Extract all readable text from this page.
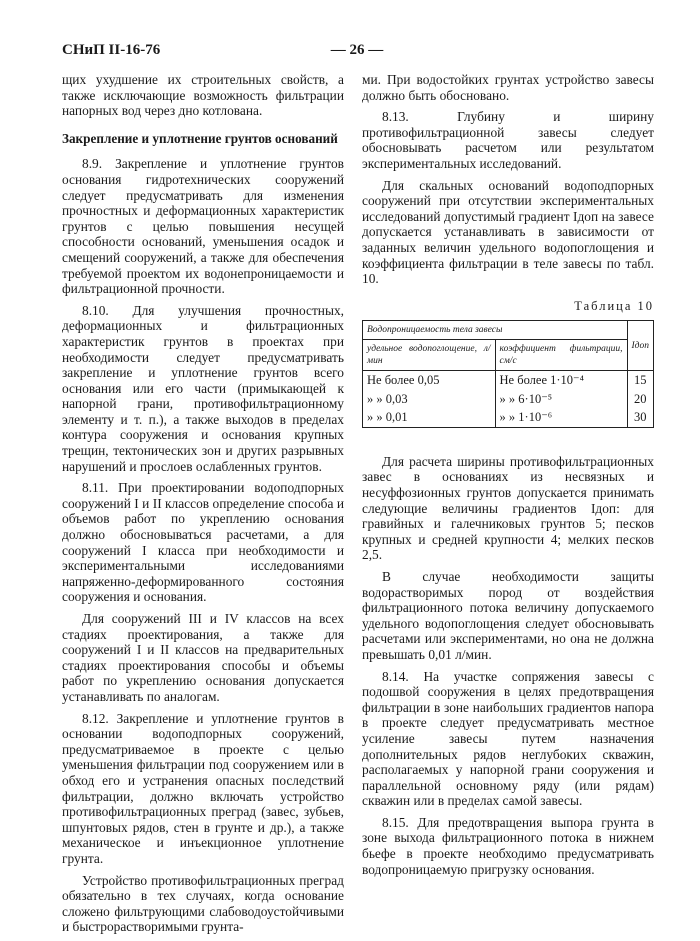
СНиП II-16-76	— 26 —

щих ухудшение их строительных свойств, а также исключающие возможность фильтрации напорных вод через дно котлована.

Закрепление и уплотнение грунтов оснований

8.9. Закрепление и уплотнение грунтов основания гидротехнических сооружений следует предусматривать для изменения прочностных и деформационных характеристик грунтов с целью повышения несущей способности оснований, уменьшения осадок и смещений сооружений, а также для обеспечения требуемой проектом их водонепроницаемости и фильтрационной прочности.

8.10. Для улучшения прочностных, деформационных и фильтрационных характеристик грунтов в проектах при необходимости следует предусматривать закрепление и уплотнение грунтов всего основания или его части (примыкающей к напорной грани, противофильтрационному элементу и т. п.), а также выходов в пределах контура сооружения и основания крупных трещин, тектонических зон и других разрывных нарушений и прослоев ослабленных грунтов.

8.11. При проектировании водоподпорных сооружений I и II классов определение способа и объемов работ по укреплению основания должно обосновываться расчетами, а для сооружений I класса при необходимости и экспериментальными исследованиями напряженно-деформированного состояния сооружения и основания.

Для сооружений III и IV классов на всех стадиях проектирования, а также для сооружений I и II классов на предварительных стадиях проектирования способы и объемы работ по укреплению основания допускается устанавливать по аналогам.

8.12. Закрепление и уплотнение грунтов в основании водоподпорных сооружений, предусматриваемое в проекте с целью уменьшения фильтрации под сооружением или в обход его и устранения опасных последствий фильтрации, должно включать устройство противофильтрационных преград (завес, зубьев, шпунтовых рядов, стен в грунте и др.), а также механическое и инъекционное уплотнение грунта.

Устройство противофильтрационных преград обязательно в тех случаях, когда основание сложено фильтрующими слабоводоустойчивыми и быстрорастворимыми грунта-

ми. При водостойких грунтах устройство завесы должно быть обосновано.

8.13. Глубину и ширину противофильтрационной завесы следует обосновывать расчетом или результатом экспериментальных исследований.

Для скальных оснований водоподпорных сооружений при отсутствии экспериментальных исследований допустимый градиент Iдоп на завесе допускается устанавливать в зависимости от заданных величин удельного водопоглощения и коэффициента фильтрации в теле завесы по табл. 10.

Таблица 10
Водопроницаемость тела завесы		Iдоп
удельное водопоглощение, л/мин	коэффициент фильтрации, см/с	
Не более 0,05	Не более 1·10⁻⁴	15
» » 0,03	» » 6·10⁻⁵	20
» » 0,01	» » 1·10⁻⁶	30

Для расчета ширины противофильтрационных завес в основаниях из несвязных и несуффозионных грунтов допускается принимать следующие величины градиентов Iдоп: для гравийных и галечниковых грунтов 5; песков крупных и средней крупности 4; мелких песков 2,5.

В случае необходимости защиты водорастворимых пород от воздействия фильтрационного потока величину допускаемого удельного водопоглощения следует обосновывать расчетами или экспериментами, но она не должна превышать 0,01 л/мин.

8.14. На участке сопряжения завесы с подошвой сооружения в целях предотвращения фильтрации в зоне наибольших градиентов напора в проекте следует предусматривать местное усиление завесы путем назначения дополнительных рядов неглубоких скважин, располагаемых у напорной грани сооружения и параллельной основному ряду (или рядам) скважин или в пределах самой завесы.

8.15. Для предотвращения выпора грунта в зоне выхода фильтрационного потока в нижнем бьефе в проекте необходимо предусматривать водопроницаемую пригрузку основания.
